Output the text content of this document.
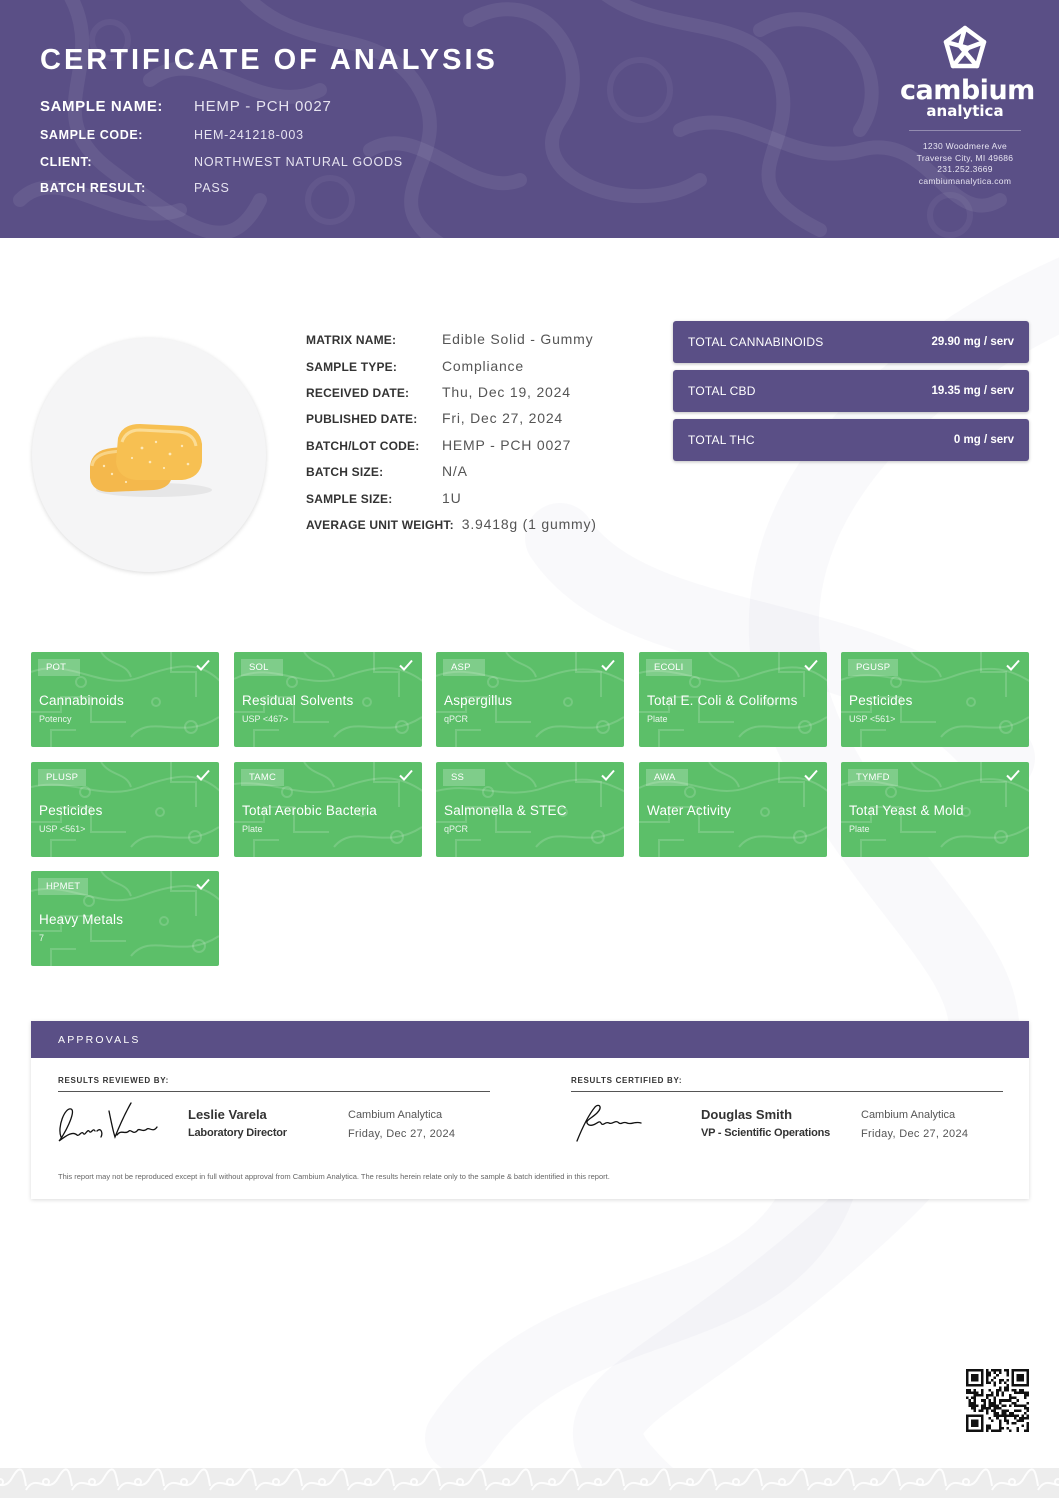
CERTIFICATE OF ANALYSIS
SAMPLE NAME:	HEMP - PCH 0027
SAMPLE CODE:	HEM-241218-003
CLIENT:	NORTHWEST NATURAL GOODS
BATCH RESULT:	PASS
cambium
analytica
1230 Woodmere Ave
Traverse City, MI 49686
231.252.3669
cambiumanalytica.com
MATRIX NAME:	Edible Solid - Gummy
SAMPLE TYPE:	Compliance
RECEIVED DATE:	Thu, Dec 19, 2024
PUBLISHED DATE:	Fri, Dec 27, 2024
BATCH/LOT CODE:	HEMP - PCH 0027
BATCH SIZE:	N/A
SAMPLE SIZE:	1U
AVERAGE UNIT WEIGHT: 3.9418g (1 gummy)
TOTAL CANNABINOIDS	29.90 mg / serv
TOTAL CBD	19.35 mg / serv
TOTAL THC	0 mg / serv
POT
Cannabinoids
Potency
SOL
Residual Solvents
USP <467>
ASP
Aspergillus
qPCR
ECOLI
Total E. Coli & Coliforms
Plate
PGUSP
Pesticides
USP <561>
PLUSP
Pesticides
USP <561>
TAMC
Total Aerobic Bacteria
Plate
SS
Salmonella & STEC
qPCR
AWA
Water Activity
TYMFD
Total Yeast & Mold
Plate
HPMET
Heavy Metals
7
APPROVALS
RESULTS REVIEWED BY:
Leslie Varela
Laboratory Director
Cambium Analytica
Friday, Dec 27, 2024
RESULTS CERTIFIED BY:
Douglas Smith
VP - Scientific Operations
Cambium Analytica
Friday, Dec 27, 2024
This report may not be reproduced except in full without approval from Cambium Analytica. The results herein relate only to the sample & batch identified in this report.
